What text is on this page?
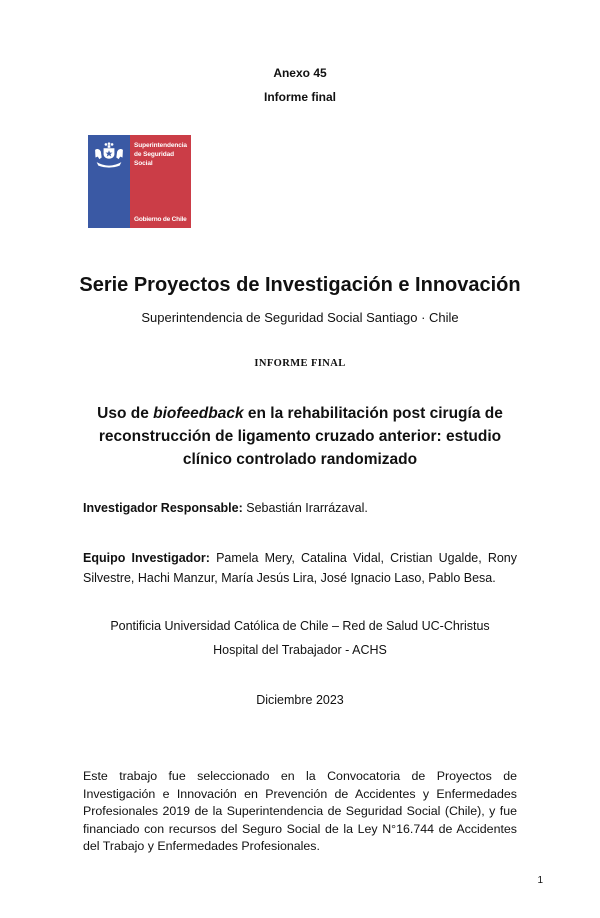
Anexo 45
Informe final
Superintendencia de Seguridad Social
Gobierno de Chile
Serie Proyectos de Investigación e Innovación
Superintendencia de Seguridad Social Santiago · Chile
INFORME FINAL
Uso de biofeedback en la rehabilitación post cirugía de
reconstrucción de ligamento cruzado anterior: estudio
clínico controlado randomizado
Investigador Responsable: Sebastián Irarrázaval.
Equipo Investigador: Pamela Mery, Catalina Vidal, Cristian Ugalde, Rony Silvestre, Hachi Manzur, María Jesús Lira, José Ignacio Laso, Pablo Besa.
Pontificia Universidad Católica de Chile – Red de Salud UC-Christus
Hospital del Trabajador - ACHS
Diciembre 2023
Este trabajo fue seleccionado en la Convocatoria de Proyectos de Investigación e Innovación en Prevención de Accidentes y Enfermedades Profesionales 2019 de la Superintendencia de Seguridad Social (Chile), y fue financiado con recursos del Seguro Social de la Ley N°16.744 de Accidentes del Trabajo y Enfermedades Profesionales.
1
